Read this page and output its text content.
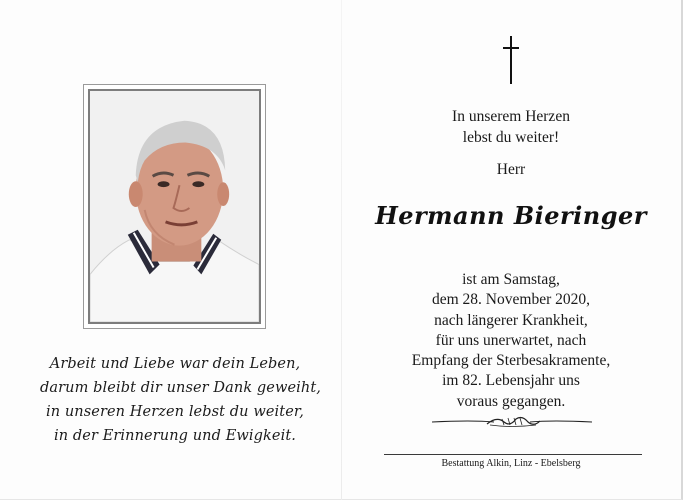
Arbeit und Liebe war dein Leben,
darum bleibt dir unser Dank geweiht,
in unseren Herzen lebst du weiter,
in der Erinnerung und Ewigkeit.
In unserem Herzen
lebst du weiter!
Herr
Hermann Bieringer
ist am Samstag,
dem 28. November 2020,
nach längerer Krankheit,
für uns unerwartet, nach
Empfang der Sterbesakramente,
im 82. Lebensjahr uns
voraus gegangen.
Bestattung Alkin, Linz - Ebelsberg
